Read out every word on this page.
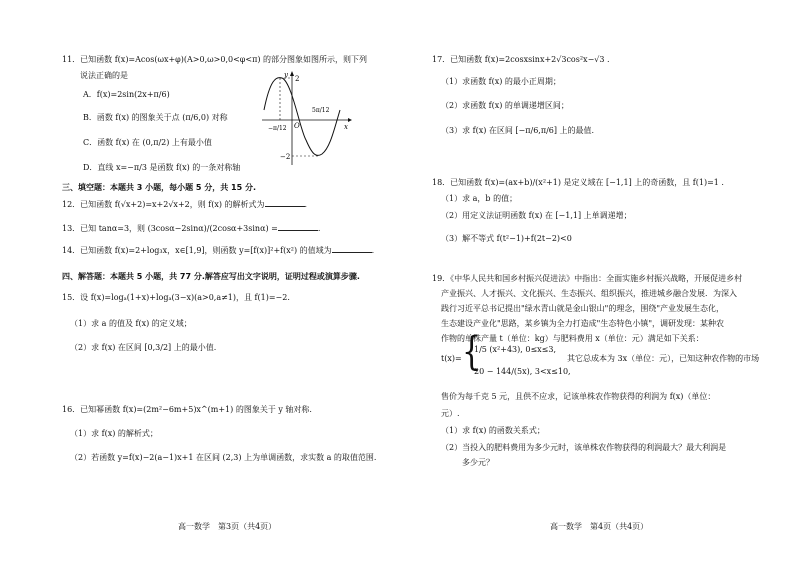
11．已知函数 f(x)=Acos(ωx+φ)(A>0,ω>0,0<φ<π) 的部分图象如图所示，则下列
说法正确的是
A．f(x)=2sin(2x+π/6)
B．函数 f(x) 的图象关于点 (π/6,0) 对称
C．函数 f(x) 在 (0,π/2) 上有最小值
D．直线 x=−π/3 是函数 f(x) 的一条对称轴
2
−2
y
x
O
−π/12
5π/12
三、填空题：本题共 3 小题，每小题 5 分，共 15 分.
12．已知函数 f(√x+2)=x+2√x+2，则 f(x) 的解析式为	.
13．已知 tanα=3，则 (3cosα−2sinα)/(2cosα+3sinα) =	.
14．已知函数 f(x)=2+log₃x，x∈[1,9]，则函数 y=[f(x)]²+f(x²) 的值域为	.
四、解答题：本题共 5 小题，共 77 分.解答应写出文字说明，证明过程或演算步骤.
15．设 f(x)=logₐ(1+x)+logₐ(3−x)(a>0,a≠1)，且 f(1)=−2.
（1）求 a 的值及 f(x) 的定义域；
（2）求 f(x) 在区间 [0,3/2] 上的最小值.
16．已知幂函数 f(x)=(2m²−6m+5)x^(m+1) 的图象关于 y 轴对称.
（1）求 f(x) 的解析式；
（2）若函数 y=f(x)−2(a−1)x+1 在区间 (2,3) 上为单调函数，求实数 a 的取值范围.
高一数学　第3页（共4页）
17．已知函数 f(x)=2cosxsinx+2√3cos²x−√3 .
（1）求函数 f(x) 的最小正周期；
（2）求函数 f(x) 的单调递增区间；
（3）求 f(x) 在区间 [−π/6,π/6] 上的最值.
18．已知函数 f(x)=(ax+b)/(x²+1) 是定义域在 [−1,1] 上的奇函数，且 f(1)=1 .
（1）求 a，b 的值；
（2）用定义法证明函数 f(x) 在 [−1,1] 上单调递增；
（3）解不等式 f(t²−1)+f(2t−2)<0
19．《中华人民共和国乡村振兴促进法》中指出：全面实施乡村振兴战略，开展促进乡村
产业振兴、人才振兴、文化振兴、生态振兴、组织振兴，推进城乡融合发展．为深入
践行习近平总书记提出"绿水青山就是金山银山"的理念，围绕"产业发展生态化，
生态建设产业化"思路，某乡镇为全力打造成"生态特色小镇"，调研发现：某种农
作物的单株产量 t（单位：kg）与肥料费用 x（单位：元）满足如下关系：
t(x)= {
1/5 (x²+43), 0≤x≤3,
20 − 144/(5x), 3<x≤10,
其它总成本为 3x（单位：元），已知这种农作物的市场
售价为每千克 5 元，且供不应求，记该单株农作物获得的利润为 f(x)（单位：
元）.
（1）求 f(x) 的函数关系式；
（2）当投入的肥料费用为多少元时，该单株农作物获得的利润最大？最大利润是
多少元？
高一数学　第4页（共4页）
